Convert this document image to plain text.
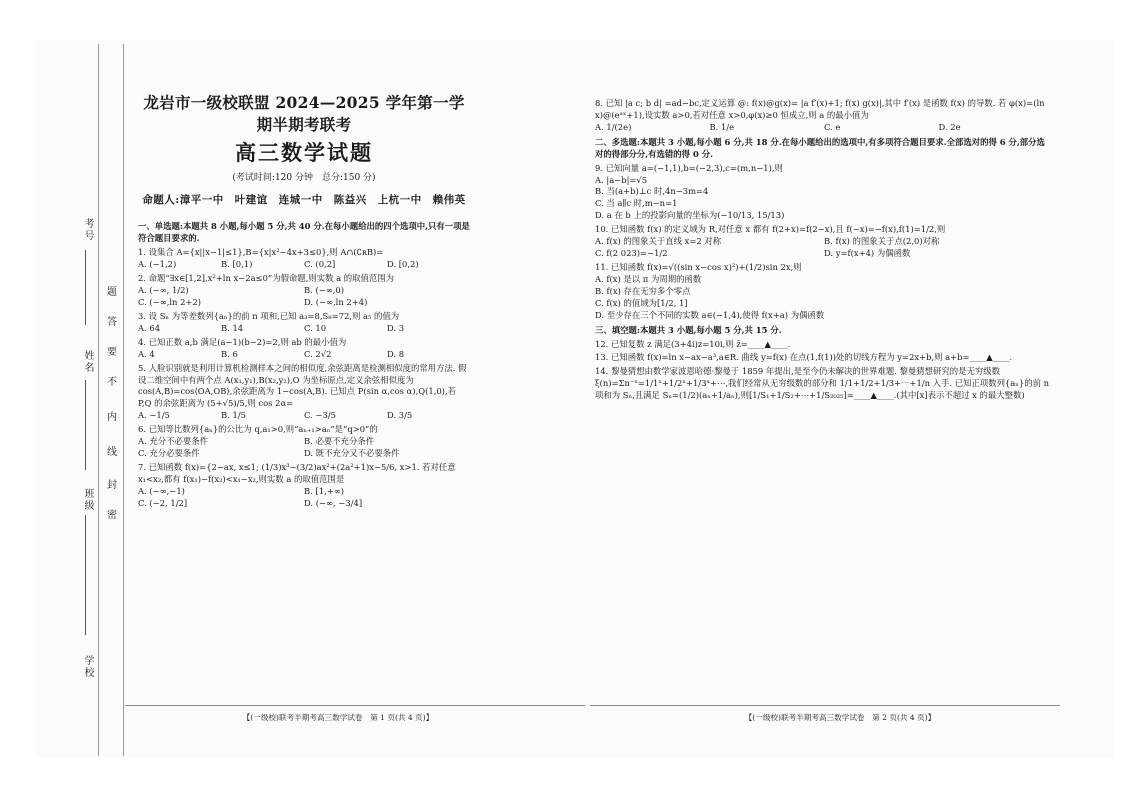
考号
姓名
班级
学校
题
答
要
不
内
线
封
密
龙岩市一级校联盟 2024—2025 学年第一学期半期考联考
高三数学试题
(考试时间:120 分钟　总分:150 分)
命题人:漳平一中　叶建谊　连城一中　陈益兴　上杭一中　赖伟英
一、单选题:本题共 8 小题,每小题 5 分,共 40 分.在每小题给出的四个选项中,只有一项是符合题目要求的.
1. 设集合 A={x||x−1|≤1},B={x|x²−4x+3≤0},则 A∩(∁ʀB)=
A. (−1,2)	B. [0,1)	C. (0,2]	D. [0,2)
2. 命题“∃x∈[1,2],x²+ln x−2a≤0”为假命题,则实数 a 的取值范围为
A. (−∞, 1/2)	B. (−∞,0)
C. (−∞,ln 2+2)	D. (−∞,ln 2+4)
3. 设 Sₙ 为等差数列{aₙ}的前 n 项和,已知 a₃=8,S₈=72,则 a₅ 的值为
A. 64	B. 14	C. 10	D. 3
4. 已知正数 a,b 满足(a−1)(b−2)=2,则 ab 的最小值为
A. 4	B. 6	C. 2√2	D. 8
5. 人脸识别就是利用计算机检测样本之间的相似度,余弦距离是检测相似度的常用方法. 假设二维空间中有两个点 A(x₁,y₁),B(x₂,y₂),O 为坐标原点,定义余弦相似度为 cos(A,B)=cos⟨OA,OB⟩,余弦距离为 1−cos(A,B). 已知点 P(sin α,cos α),Q(1,0),若 P,Q 的余弦距离为 (5+√5)/5,则 cos 2α=
A. −1/5	B. 1/5	C. −3/5	D. 3/5
6. 已知等比数列{aₙ}的公比为 q,a₁>0,则“aₙ₊₁>aₙ”是“q>0”的
A. 充分不必要条件	B. 必要不充分条件
C. 充分必要条件	D. 既不充分又不必要条件
7. 已知函数 f(x)={2−ax, x≤1; (1/3)x³−(3/2)ax²+(2a²+1)x−5/6, x>1. 若对任意 x₁<x₂,都有 f(x₁)−f(x₂)<x₁−x₂,则实数 a 的取值范围是
A. (−∞,−1)	B. [1,+∞)
C. (−2, 1/2]	D. (−∞, −3/4]
【(一级校)联考半期考高三数学试卷　第 1 页(共 4 页)】
8. 已知 |a c; b d| =ad−bc,定义运算 @: f(x)@g(x)= |a f′(x)+1; f(x) g(x)|,其中 f′(x) 是函数 f(x) 的导数. 若 φ(x)=(ln x)@(eᵃˣ+1),设实数 a>0,若对任意 x>0,φ(x)≥0 恒成立,则 a 的最小值为
A. 1/(2e)	B. 1/e	C. e	D. 2e
二、多选题:本题共 3 小题,每小题 6 分,共 18 分.在每小题给出的选项中,有多项符合题目要求.全部选对的得 6 分,部分选对的得部分分,有选错的得 0 分.
9. 已知向量 a=(−1,1),b=(−2,3),c=(m,n−1),则
A. |a−b|=√5
B. 当(a+b)⊥c 时,4n−3m=4
C. 当 a∥c 时,m−n=1
D. a 在 b 上的投影向量的坐标为(−10/13, 15/13)
10. 已知函数 f(x) 的定义域为 R,对任意 x 都有 f(2+x)=f(2−x),且 f(−x)=−f(x),f(1)=1/2,则
A. f(x) 的图象关于直线 x=2 对称	B. f(x) 的图象关于点(2,0)对称
C. f(2 023)=−1/2	D. y=f(x+4) 为偶函数
11. 已知函数 f(x)=√((sin x−cos x)²)+(1/2)sin 2x,则
A. f(x) 是以 π 为周期的函数
B. f(x) 存在无穷多个零点
C. f(x) 的值域为[1/2, 1]
D. 至少存在三个不同的实数 a∈(−1,4),使得 f(x+a) 为偶函数
三、填空题:本题共 3 小题,每小题 5 分,共 15 分.
12. 已知复数 z 满足(3+4i)z=10i,则 z̄=____▲____.
13. 已知函数 f(x)=ln x−ax−a³,a∈R. 曲线 y=f(x) 在点(1,f(1))处的切线方程为 y=2x+b,则 a+b=____▲____.
14. 黎曼猜想由数学家波恩哈德·黎曼于 1859 年提出,是至今仍未解决的世界难题. 黎曼猜想研究的是无穷级数 ξ(n)=Σn⁻ˣ=1/1ˣ+1/2ˣ+1/3ˣ+⋯,我们经常从无穷级数的部分和 1/1+1/2+1/3+⋯+1/n 入手. 已知正项数列{aₙ}的前 n 项和为 Sₙ,且满足 Sₙ=(1/2)(aₙ+1/aₙ),则[1/S₁+1/S₂+⋯+1/S₂₀₂₅]=____▲____.(其中[x]表示不超过 x 的最大整数)
【(一级校)联考半期考高三数学试卷　第 2 页(共 4 页)】
